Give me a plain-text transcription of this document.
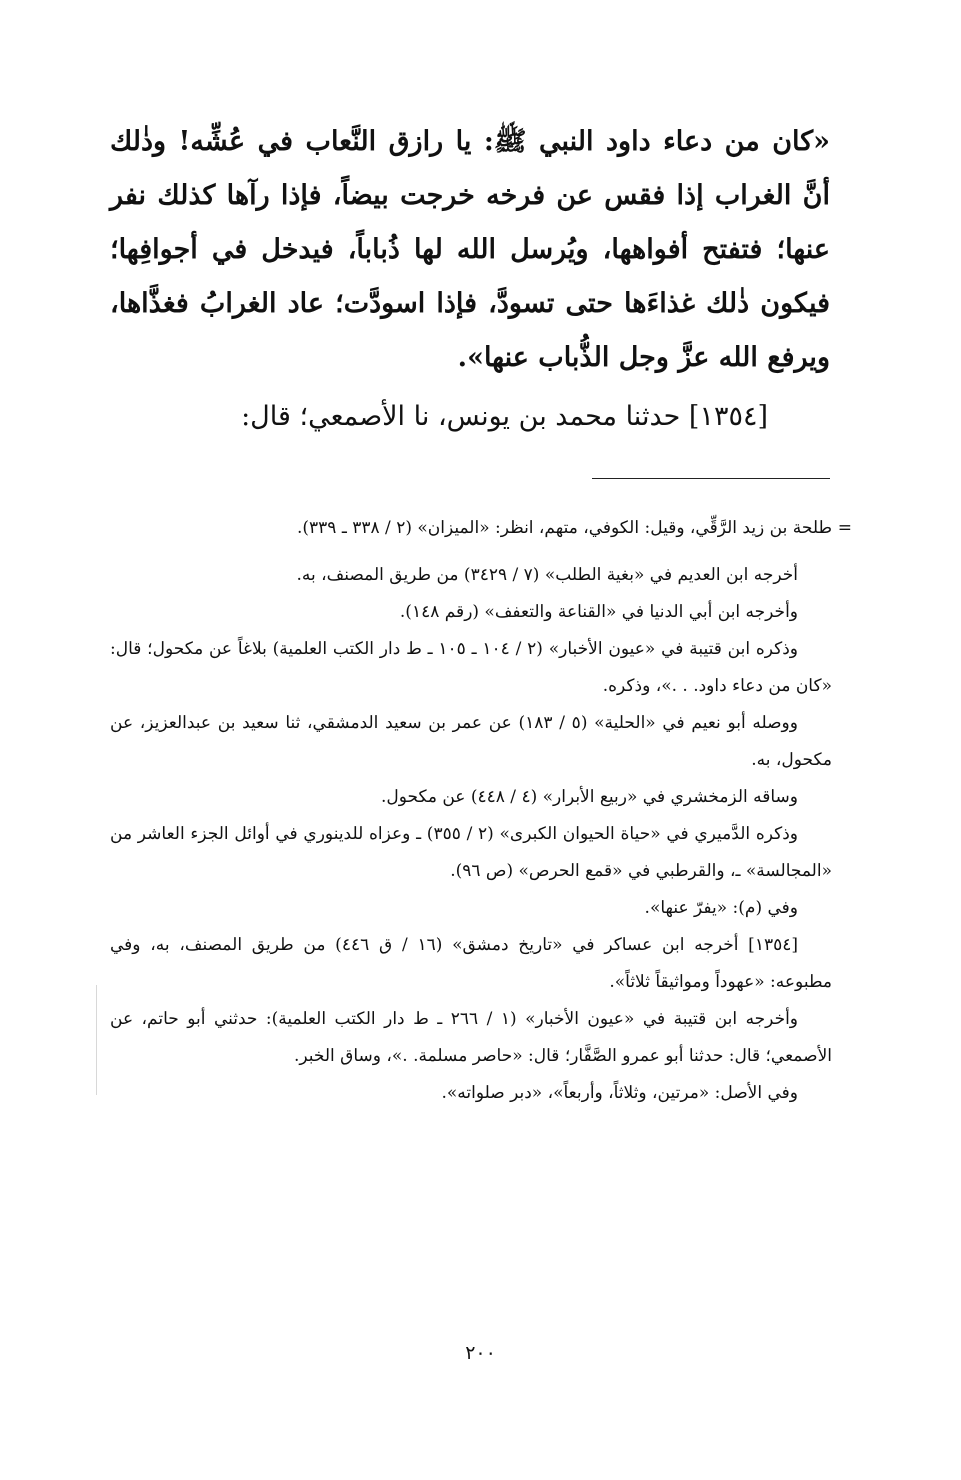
«كان من دعاء داود النبي ﷺ: يا رازق النَّعاب في عُشِّه! وذٰلك أنَّ الغراب إذا فقس عن فرخه خرجت بيضاً، فإذا رآها كذلك نفر عنها؛ فتفتح أفواهها، ويُرسل الله لها ذُباباً، فيدخل في أجوافِها؛ فيكون ذٰلك غذاءَها حتى تسودَّ، فإذا اسودَّت؛ عاد الغرابُ فغذَّاها، ويرفع الله عزَّ وجل الذُّباب عنها».

[١٣٥٤] حدثنا محمد بن يونس، نا الأصمعي؛ قال:

=
طلحة بن زيد الرَّقِّي، وقيل: الكوفي، متهم، انظر: «الميزان» (٢ / ٣٣٨ ـ ٣٣٩).

أخرجه ابن العديم في «بغية الطلب» (٧ / ٣٤٢٩) من طريق المصنف، به.

وأخرجه ابن أبي الدنيا في «القناعة والتعفف» (رقم ١٤٨).

وذكره ابن قتيبة في «عيون الأخبار» (٢ / ١٠٤ ـ ١٠٥ ـ ط دار الكتب العلمية) بلاغاً عن مكحول؛ قال: «كان من دعاء داود. . .»، وذكره.

ووصله أبو نعيم في «الحلية» (٥ / ١٨٣) عن عمر بن سعيد الدمشقي، ثنا سعيد بن عبدالعزيز، عن مكحول، به.

وساقه الزمخشري في «ربيع الأبرار» (٤ / ٤٤٨) عن مكحول.

وذكره الدَّميري في «حياة الحيوان الكبرى» (٢ / ٣٥٥) ـ وعزاه للدينوري في أوائل الجزء العاشر من «المجالسة» ـ، والقرطبي في «قمع الحرص» (ص ٩٦).

وفي (م): «يفرّ عنها».

[١٣٥٤] أخرجه ابن عساكر في «تاريخ دمشق» (١٦ / ق ٤٤٦) من طريق المصنف، به، وفي مطبوعه: «عهوداً ومواثيقاً ثلاثاً».

وأخرجه ابن قتيبة في «عيون الأخبار» (١ / ٢٦٦ ـ ط دار الكتب العلمية): حدثني أبو حاتم، عن الأصمعي؛ قال: حدثنا أبو عمرو الصَّفَّار؛ قال: «حاصر مسلمة. .»، وساق الخبر.

وفي الأصل: «مرتين، وثلاثاً، وأربعاً»، «دبر صلواته».

٢٠٠
